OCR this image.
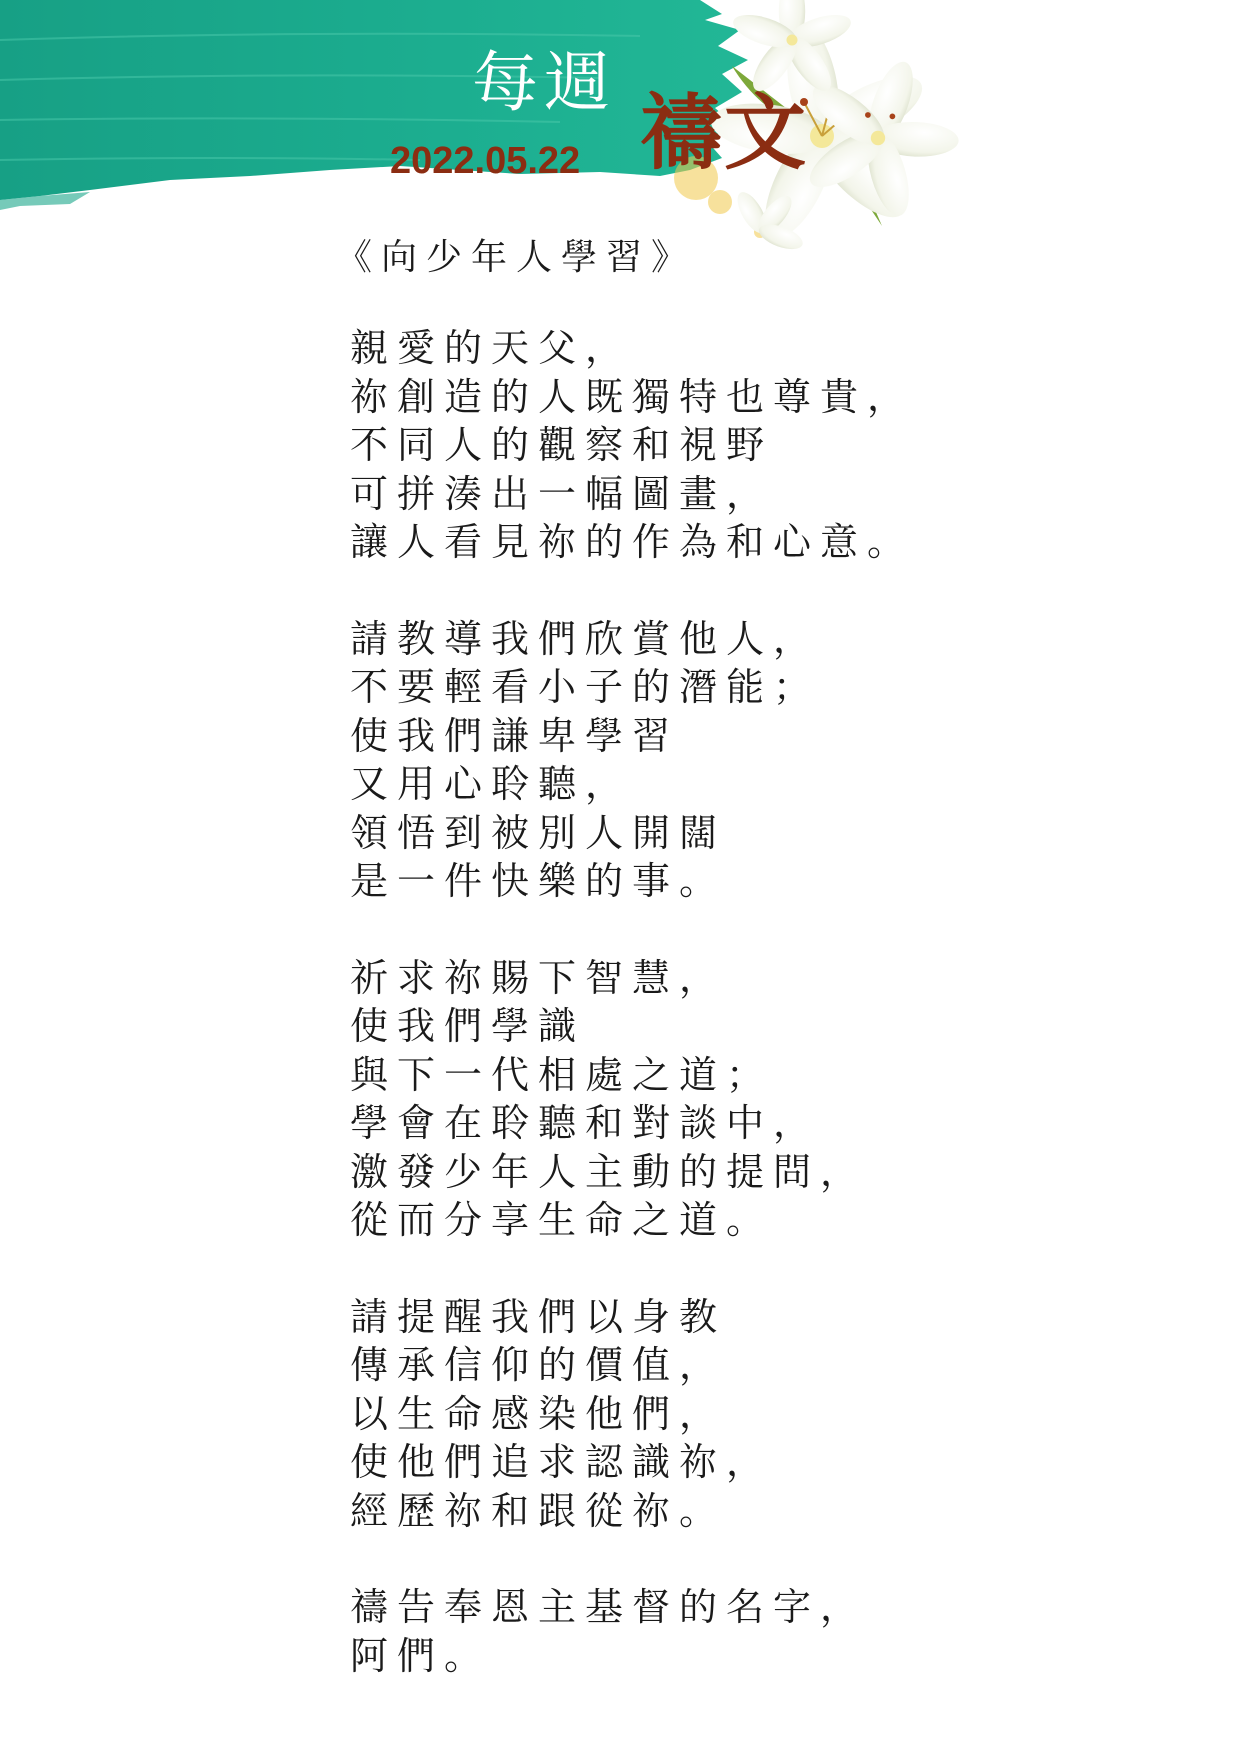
每週
2022.05.22 禱文
《向少年人學習》
親愛的天父，
祢創造的人既獨特也尊貴，
不同人的觀察和視野
可拼湊出一幅圖畫，
讓人看見祢的作為和心意。
請教導我們欣賞他人，
不要輕看小子的潛能；
使我們謙卑學習
又用心聆聽，
領悟到被別人開闊
是一件快樂的事。
祈求祢賜下智慧，
使我們學識
與下一代相處之道；
學會在聆聽和對談中，
激發少年人主動的提問，
從而分享生命之道。
請提醒我們以身教
傳承信仰的價值，
以生命感染他們，
使他們追求認識祢，
經歷祢和跟從祢。
禱告奉恩主基督的名字，
阿們。
